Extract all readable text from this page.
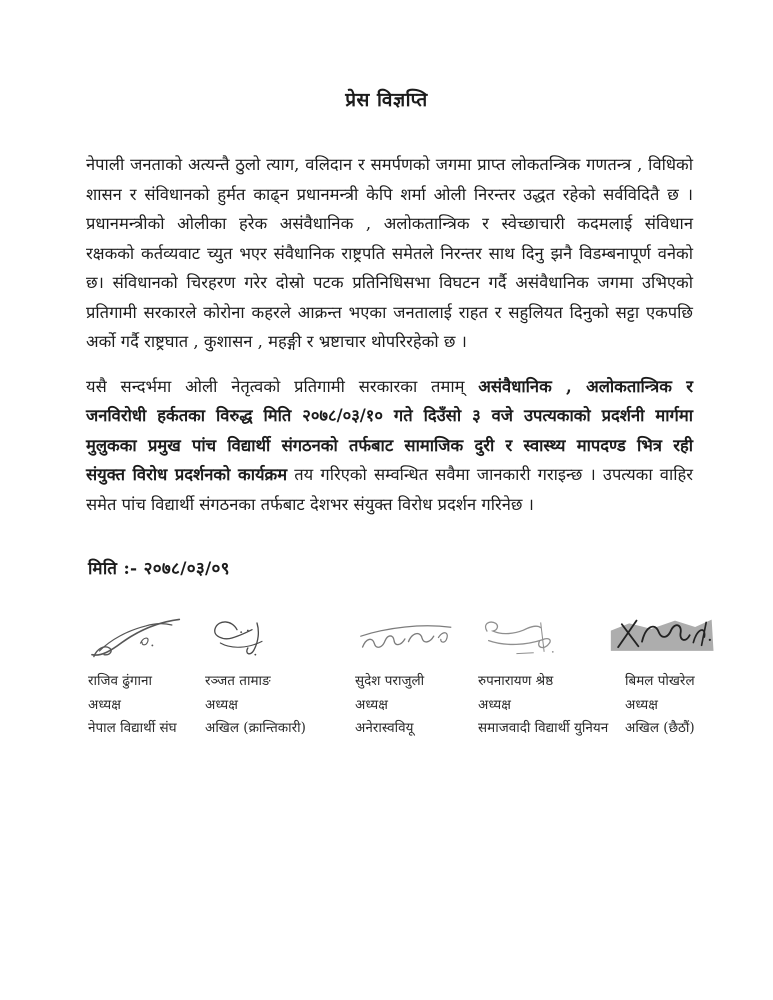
प्रेस विज्ञप्ति
नेपाली जनताको अत्यन्तै ठुलो त्याग, वलिदान र समर्पणको जगमा प्राप्त लोकतन्त्रिक गणतन्त्र , विधिको
शासन र संविधानको हुर्मत काढ्न प्रधानमन्त्री केपि शर्मा ओली निरन्तर उद्धत रहेको सर्वविदितै छ ।
प्रधानमन्त्रीको ओलीका हरेक असंवैधानिक , अलोकतान्त्रिक र स्वेच्छाचारी कदमलाई संविधान
रक्षकको कर्तव्यवाट च्युत भएर संवैधानिक राष्ट्रपति समेतले निरन्तर साथ दिनु झनै विडम्बनापूर्ण वनेको
छ। संविधानको चिरहरण गरेर दोस्रो पटक प्रतिनिधिसभा विघटन गर्दै असंवैधानिक जगमा उभिएको
प्रतिगामी सरकारले कोरोना कहरले आक्रन्त भएका जनतालाई राहत र सहुलियत दिनुको सट्टा एकपछि
अर्को गर्दै राष्ट्रघात , कुशासन , महङ्गी र भ्रष्टाचार थोपरिरहेको छ ।
यसै सन्दर्भमा ओली नेतृत्वको प्रतिगामी सरकारका तमाम् असंवैधानिक , अलोकतान्त्रिक र
जनविरोधी हर्कतका विरुद्ध मिति २०७८/०३/१० गते दिउँसो ३ वजे उपत्यकाको प्रदर्शनी मार्गमा
मुलुकका प्रमुख पांच विद्यार्थी संगठनको तर्फबाट सामाजिक दुरी र स्वास्थ्य मापदण्ड भित्र रही
संयुक्त विरोध प्रदर्शनको कार्यक्रम तय गरिएको सम्वन्धित सवैमा जानकारी गराइन्छ । उपत्यका वाहिर
समेत पांच विद्यार्थी संगठनका तर्फबाट देशभर संयुक्त विरोध प्रदर्शन गरिनेछ ।
मिति :- २०७८/०३/०९
राजिव ढुंगाना
अध्यक्ष
नेपाल विद्यार्थी संघ
रञ्जत तामाङ
अध्यक्ष
अखिल (क्रान्तिकारी)
सुदेश पराजुली
अध्यक्ष
अनेरास्ववियू
रुपनारायण श्रेष्ठ
अध्यक्ष
समाजवादी विद्यार्थी युनियन
बिमल पोखरेल
अध्यक्ष
अखिल (छैठौं)
